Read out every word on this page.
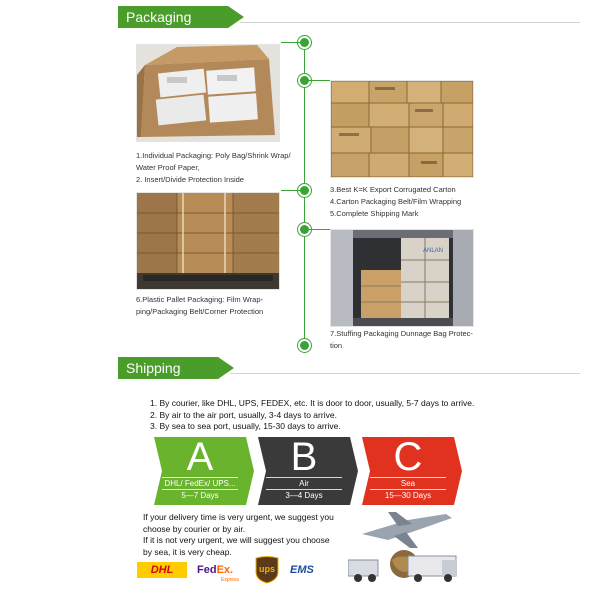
Packaging
1.Individual Packaging: Poly Bag/Shrink Wrap/
Water Proof Paper,
2. Insert/Divide Protection Inside
3.Best K=K Export Corrugated Carton
4.Carton Packaging Belt/Film Wrapping
5.Complete Shipping Mark
6.Plastic Pallet Packaging: Film Wrap-
ping/Packaging Belt/Corner Protection
ANLAN
7.Stuffing Packaging Dunnage Bag Protec-
tion
Shipping
1. By courier, like DHL, UPS, FEDEX, etc. It is door to door, usually, 5-7 days to arrive.
2. By air to the air port, usually, 3-4 days to arrive.
3. By sea to sea port, usually, 15-30 days to arrive.
A
DHL/ FedEx/ UPS...
5—7 Days
B
Air
3—4 Days
C
Sea
15—30 Days
If your delivery time is very urgent, we suggest you
choose by courier or by air.
If it is not very urgent, we will suggest you choose
by sea, it is very cheap.
DHL	FedEx.
Express
ups	EMS
